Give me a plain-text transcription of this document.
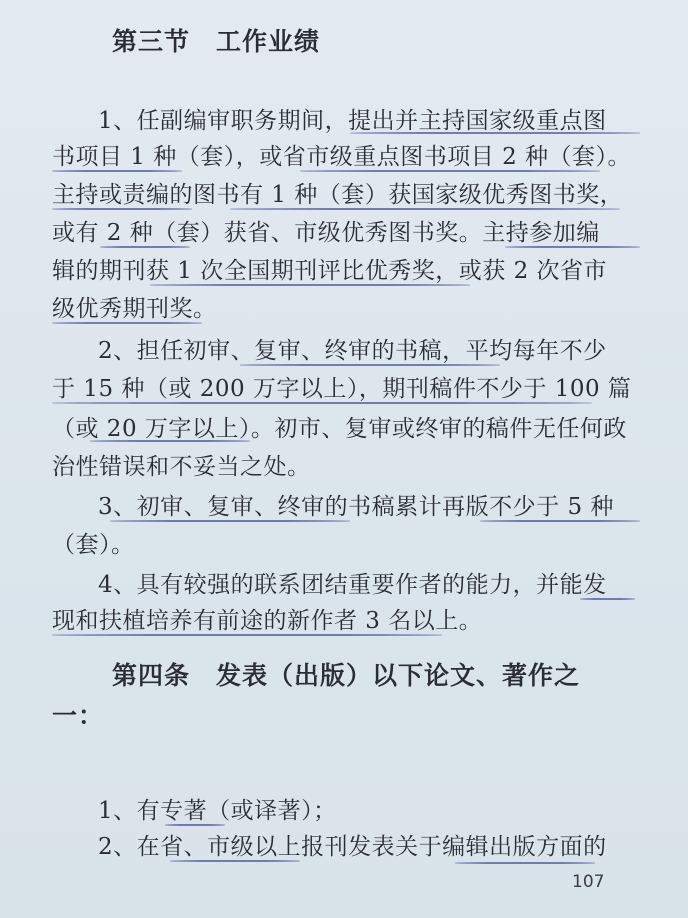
第三节　工作业绩
1、任副编审职务期间，提出并主持国家级重点图
书项目 1 种（套），或省市级重点图书项目 2 种（套）。
主持或责编的图书有 1 种（套）获国家级优秀图书奖，
或有 2 种（套）获省、市级优秀图书奖。主持参加编
辑的期刊获 1 次全国期刊评比优秀奖，或获 2 次省市
级优秀期刊奖。
2、担任初审、复审、终审的书稿，平均每年不少
于 15 种（或 200 万字以上），期刊稿件不少于 100 篇
（或 20 万字以上）。初市、复审或终审的稿件无任何政
治性错误和不妥当之处。
3、初审、复审、终审的书稿累计再版不少于 5 种
（套）。
4、具有较强的联系团结重要作者的能力，并能发
现和扶植培养有前途的新作者 3 名以上。
第四条　发表（出版）以下论文、著作之
一：
1、有专著（或译著）；
2、在省、市级以上报刊发表关于编辑出版方面的
107
